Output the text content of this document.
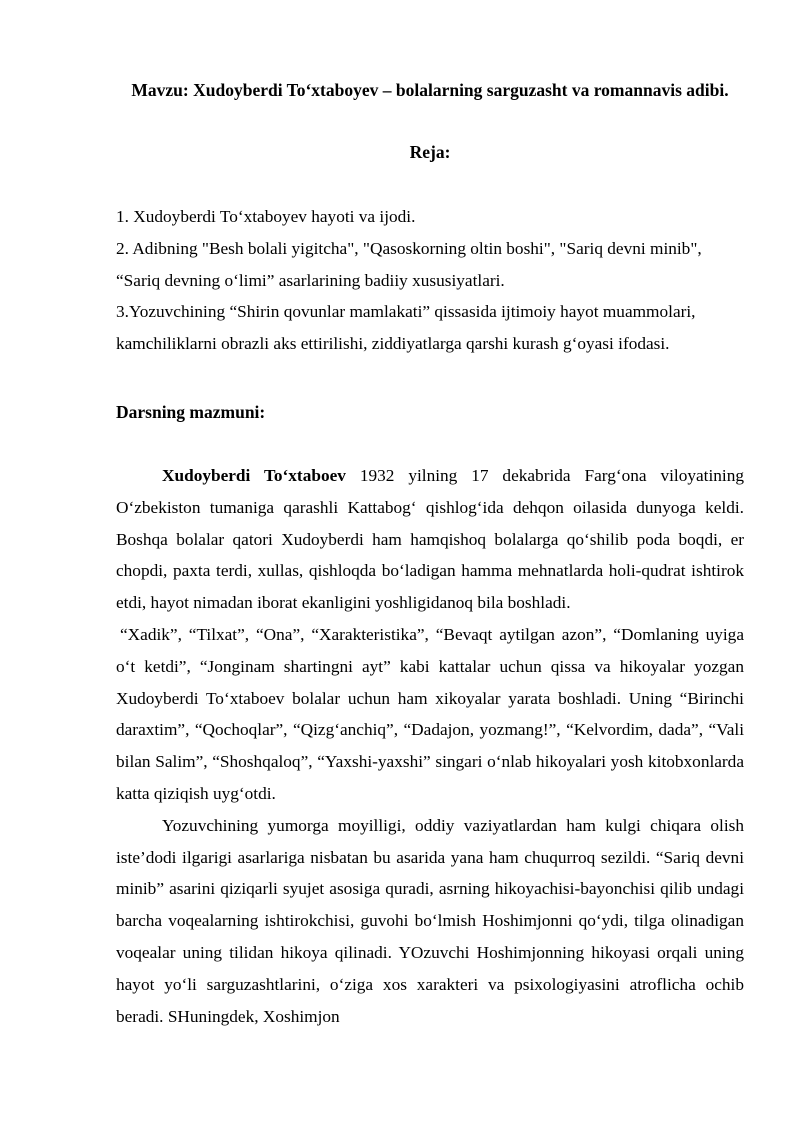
Mavzu: Xudoyberdi To‘xtaboyev – bolalarning sarguzasht va romannavis adibi.
Reja:

1. Xudoyberdi To‘xtaboyev hayoti va ijodi.

2. Adibning "Besh bolali yigitcha", "Qasoskorning oltin boshi", "Sariq devni minib", “Sariq devning o‘limi” asarlarining badiiy xususiyatlari.

3.Yozuvchining “Shirin qovunlar mamlakati” qissasida ijtimoiy hayot muammolari, kamchiliklarni obrazli aks ettirilishi, ziddiyatlarga qarshi kurash g‘oyasi ifodasi.

Darsning mazmuni:

Xudoyberdi To‘xtaboev 1932 yilning 17 dekabrida Farg‘ona viloyatining O‘zbekiston tumaniga qarashli Kattabog‘ qishlog‘ida dehqon oilasida dunyoga keldi. Boshqa bolalar qatori Xudoyberdi ham hamqishoq bolalarga qo‘shilib poda boqdi, er chopdi, paxta terdi, xullas, qishloqda bo‘ladigan hamma mehnatlarda holi-qudrat ishtirok etdi, hayot nimadan iborat ekanligini yoshligidanoq bila boshladi.

“Xadik”, “Tilxat”, “Ona”, “Xarakteristika”, “Bevaqt aytilgan azon”, “Domlaning uyiga o‘t ketdi”, “Jonginam shartingni ayt” kabi kattalar uchun qissa va hikoyalar yozgan Xudoyberdi To‘xtaboev bolalar uchun ham xikoyalar yarata boshladi. Uning “Birinchi daraxtim”, “Qochoqlar”, “Qizg‘anchiq”, “Dadajon, yozmang!”, “Kelvordim, dada”, “Vali bilan Salim”, “Shoshqaloq”, “Yaxshi-yaxshi” singari o‘nlab hikoyalari yosh kitobxonlarda katta qiziqish uyg‘otdi.

Yozuvchining yumorga moyilligi, oddiy vaziyatlardan ham kulgi chiqara olish iste’dodi ilgarigi asarlariga nisbatan bu asarida yana ham chuqurroq sezildi. “Sariq devni minib” asarini qiziqarli syujet asosiga quradi, asrning hikoyachisi-bayonchisi qilib undagi barcha voqealarning ishtirokchisi, guvohi bo‘lmish Hoshimjonni qo‘ydi, tilga olinadigan voqealar uning tilidan hikoya qilinadi. YOzuvchi Hoshimjonning hikoyasi orqali uning hayot yo‘li sarguzashtlarini, o‘ziga xos xarakteri va psixologiyasini atroflicha ochib beradi. SHuningdek, Xoshimjon
